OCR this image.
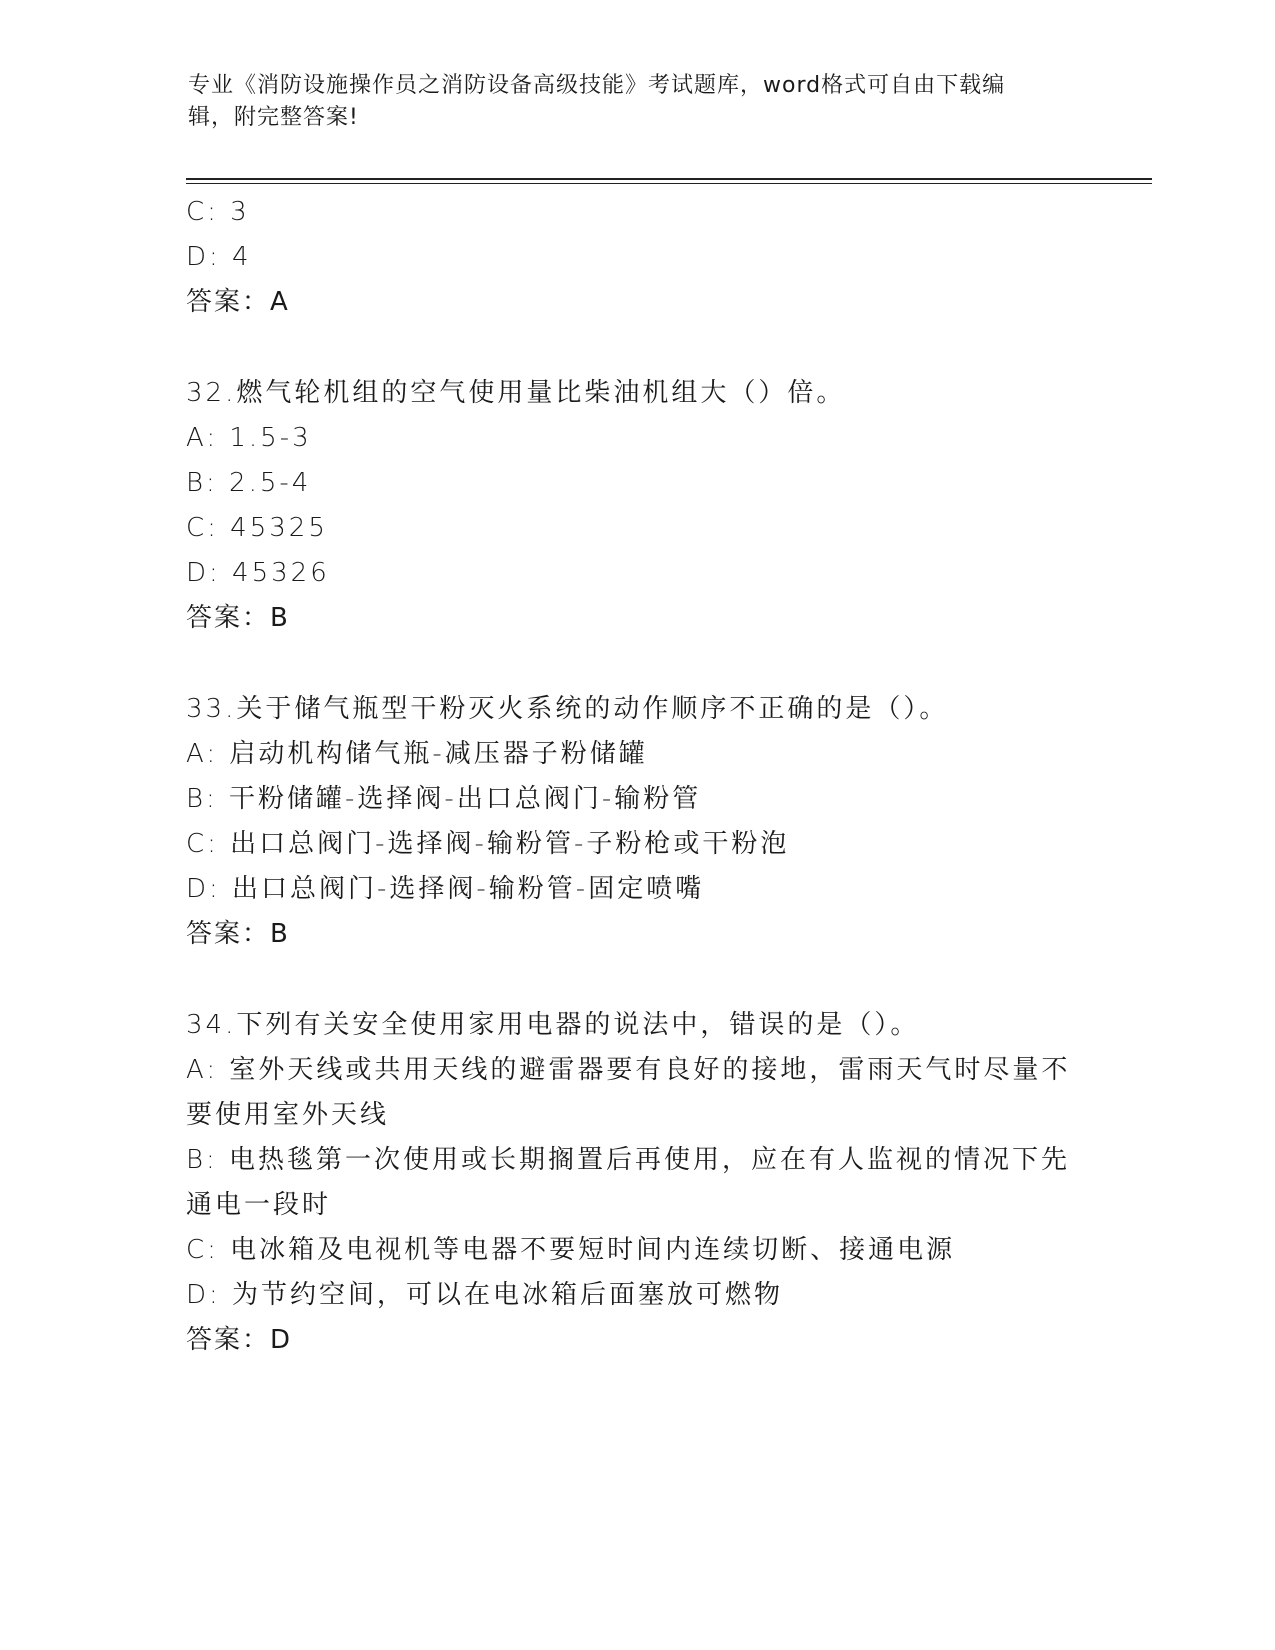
专业《消防设施操作员之消防设备高级技能》考试题库，word格式可自由下载编
辑，附完整答案!
C: 3
D: 4
答案：A
32.燃气轮机组的空气使用量比柴油机组大（）倍。
A: 1.5-3
B: 2.5-4
C: 45325
D: 45326
答案：B
33.关于储气瓶型干粉灭火系统的动作顺序不正确的是（）。
A: 启动机构储气瓶-减压器子粉储罐
B: 干粉储罐-选择阀-出口总阀门-输粉管
C: 出口总阀门-选择阀-输粉管-子粉枪或干粉泡
D: 出口总阀门-选择阀-输粉管-固定喷嘴
答案：B
34.下列有关安全使用家用电器的说法中，错误的是（）。
A: 室外天线或共用天线的避雷器要有良好的接地，雷雨天气时尽量不
要使用室外天线
B: 电热毯第一次使用或长期搁置后再使用，应在有人监视的情况下先
通电一段时
C: 电冰箱及电视机等电器不要短时间内连续切断、接通电源
D: 为节约空间，可以在电冰箱后面塞放可燃物
答案：D
